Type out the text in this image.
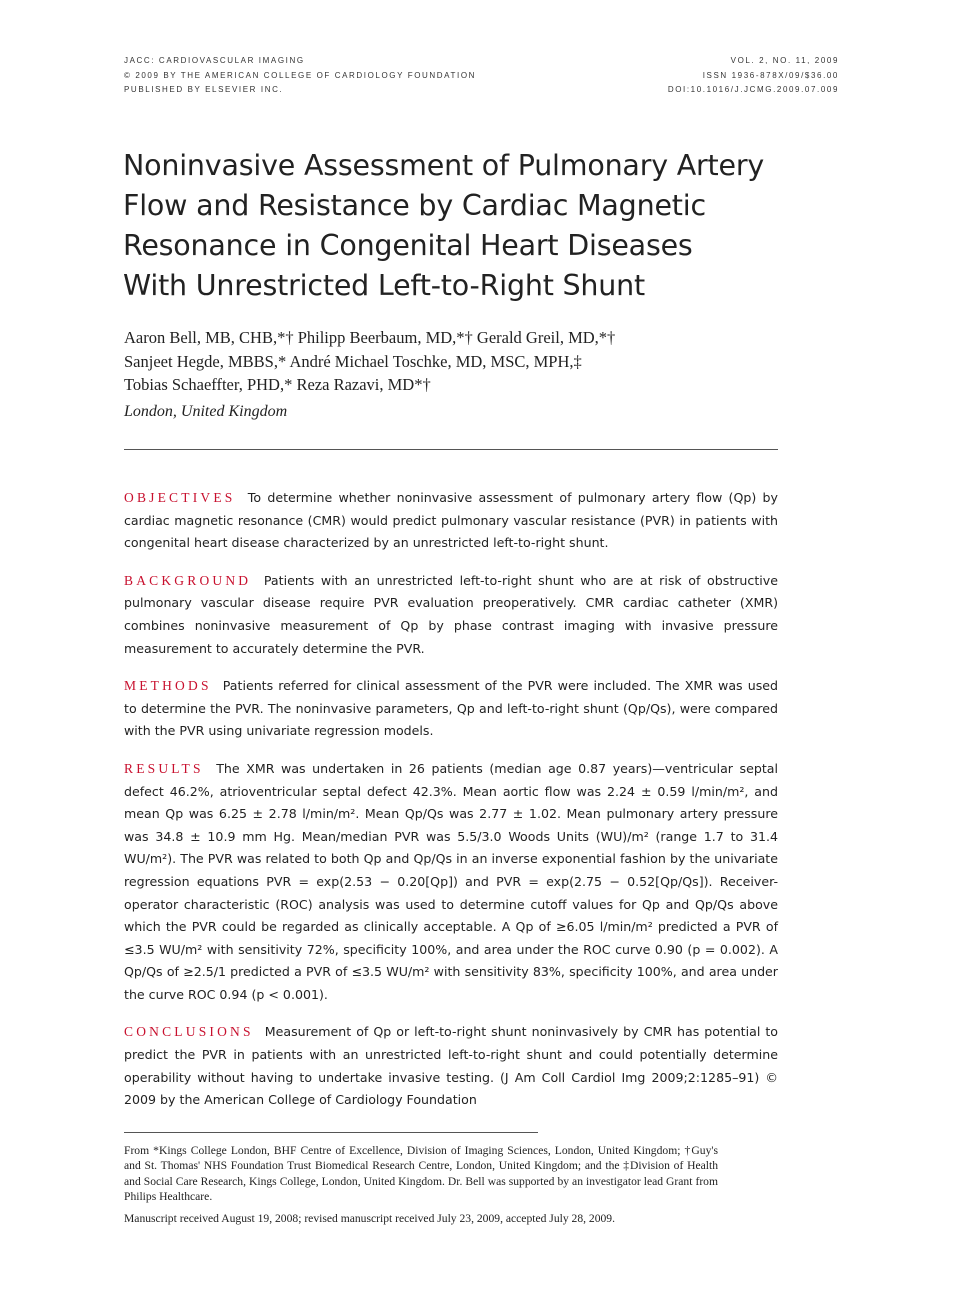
JACC: CARDIOVASCULAR IMAGING
© 2009 BY THE AMERICAN COLLEGE OF CARDIOLOGY FOUNDATION
PUBLISHED BY ELSEVIER INC.
VOL. 2, NO. 11, 2009
ISSN 1936-878X/09/$36.00
DOI:10.1016/J.JCMG.2009.07.009
Noninvasive Assessment of Pulmonary Artery
Flow and Resistance by Cardiac Magnetic
Resonance in Congenital Heart Diseases
With Unrestricted Left-to-Right Shunt
Aaron Bell, MB, CHB,*† Philipp Beerbaum, MD,*† Gerald Greil, MD,*†
Sanjeet Hegde, MBBS,* André Michael Toschke, MD, MSC, MPH,‡
Tobias Schaeffter, PHD,* Reza Razavi, MD*†
London, United Kingdom

OBJECTIVES To determine whether noninvasive assessment of pulmonary artery flow (Qp) by cardiac magnetic resonance (CMR) would predict pulmonary vascular resistance (PVR) in patients with congenital heart disease characterized by an unrestricted left-to-right shunt.

BACKGROUND Patients with an unrestricted left-to-right shunt who are at risk of obstructive pulmonary vascular disease require PVR evaluation preoperatively. CMR cardiac catheter (XMR) combines noninvasive measurement of Qp by phase contrast imaging with invasive pressure measurement to accurately determine the PVR.

METHODS Patients referred for clinical assessment of the PVR were included. The XMR was used to determine the PVR. The noninvasive parameters, Qp and left-to-right shunt (Qp/Qs), were compared with the PVR using univariate regression models.

RESULTS The XMR was undertaken in 26 patients (median age 0.87 years)—ventricular septal defect 46.2%, atrioventricular septal defect 42.3%. Mean aortic flow was 2.24 ± 0.59 l/min/m², and mean Qp was 6.25 ± 2.78 l/min/m². Mean Qp/Qs was 2.77 ± 1.02. Mean pulmonary artery pressure was 34.8 ± 10.9 mm Hg. Mean/median PVR was 5.5/3.0 Woods Units (WU)/m² (range 1.7 to 31.4 WU/m²). The PVR was related to both Qp and Qp/Qs in an inverse exponential fashion by the univariate regression equations PVR = exp(2.53 − 0.20[Qp]) and PVR = exp(2.75 − 0.52[Qp/Qs]). Receiver-operator characteristic (ROC) analysis was used to determine cutoff values for Qp and Qp/Qs above which the PVR could be regarded as clinically acceptable. A Qp of ≥6.05 l/min/m² predicted a PVR of ≤3.5 WU/m² with sensitivity 72%, specificity 100%, and area under the ROC curve 0.90 (p = 0.002). A Qp/Qs of ≥2.5/1 predicted a PVR of ≤3.5 WU/m² with sensitivity 83%, specificity 100%, and area under the curve ROC 0.94 (p < 0.001).

CONCLUSIONS Measurement of Qp or left-to-right shunt noninvasively by CMR has potential to predict the PVR in patients with an unrestricted left-to-right shunt and could potentially determine operability without having to undertake invasive testing. (J Am Coll Cardiol Img 2009;2:1285–91) © 2009 by the American College of Cardiology Foundation

From *Kings College London, BHF Centre of Excellence, Division of Imaging Sciences, London, United Kingdom; †Guy's and St. Thomas' NHS Foundation Trust Biomedical Research Centre, London, United Kingdom; and the ‡Division of Health and Social Care Research, Kings College, London, United Kingdom. Dr. Bell was supported by an investigator lead Grant from Philips Healthcare.

Manuscript received August 19, 2008; revised manuscript received July 23, 2009, accepted July 28, 2009.
